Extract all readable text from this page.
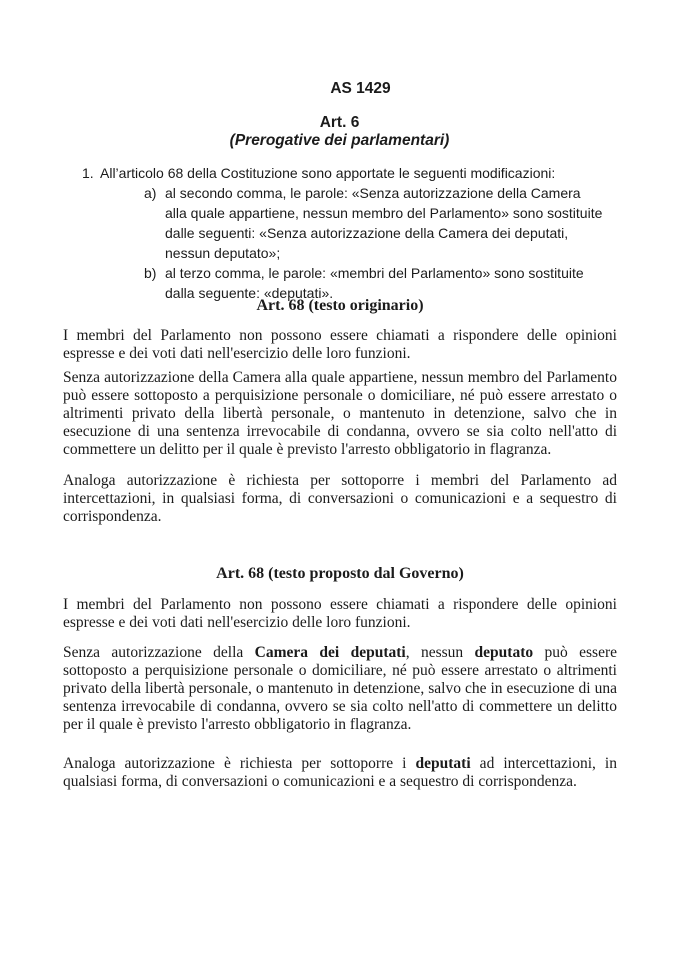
AS 1429
Art. 6
(Prerogative dei parlamentari)
1. All’articolo 68 della Costituzione sono apportate le seguenti modificazioni:
a) al secondo comma, le parole: «Senza autorizzazione della Camera alla quale appartiene, nessun membro del Parlamento» sono sostituite dalle seguenti: «Senza autorizzazione della Camera dei deputati, nessun deputato»;
b) al terzo comma, le parole: «membri del Parlamento» sono sostituite dalla seguente: «deputati».
Art. 68 (testo originario)
I membri del Parlamento non possono essere chiamati a rispondere delle opinioni espresse e dei voti dati nell'esercizio delle loro funzioni.
Senza autorizzazione della Camera alla quale appartiene, nessun membro del Parlamento può essere sottoposto a perquisizione personale o domiciliare, né può essere arrestato o altrimenti privato della libertà personale, o mantenuto in detenzione, salvo che in esecuzione di una sentenza irrevocabile di condanna, ovvero se sia colto nell'atto di commettere un delitto per il quale è previsto l'arresto obbligatorio in flagranza.
Analoga autorizzazione è richiesta per sottoporre i membri del Parlamento ad intercettazioni, in qualsiasi forma, di conversazioni o comunicazioni e a sequestro di corrispondenza.
Art. 68 (testo proposto dal Governo)
I membri del Parlamento non possono essere chiamati a rispondere delle opinioni espresse e dei voti dati nell'esercizio delle loro funzioni.
Senza autorizzazione della Camera dei deputati, nessun deputato può essere sottoposto a perquisizione personale o domiciliare, né può essere arrestato o altrimenti privato della libertà personale, o mantenuto in detenzione, salvo che in esecuzione di una sentenza irrevocabile di condanna, ovvero se sia colto nell'atto di commettere un delitto per il quale è previsto l'arresto obbligatorio in flagranza.
Analoga autorizzazione è richiesta per sottoporre i deputati ad intercettazioni, in qualsiasi forma, di conversazioni o comunicazioni e a sequestro di corrispondenza.
